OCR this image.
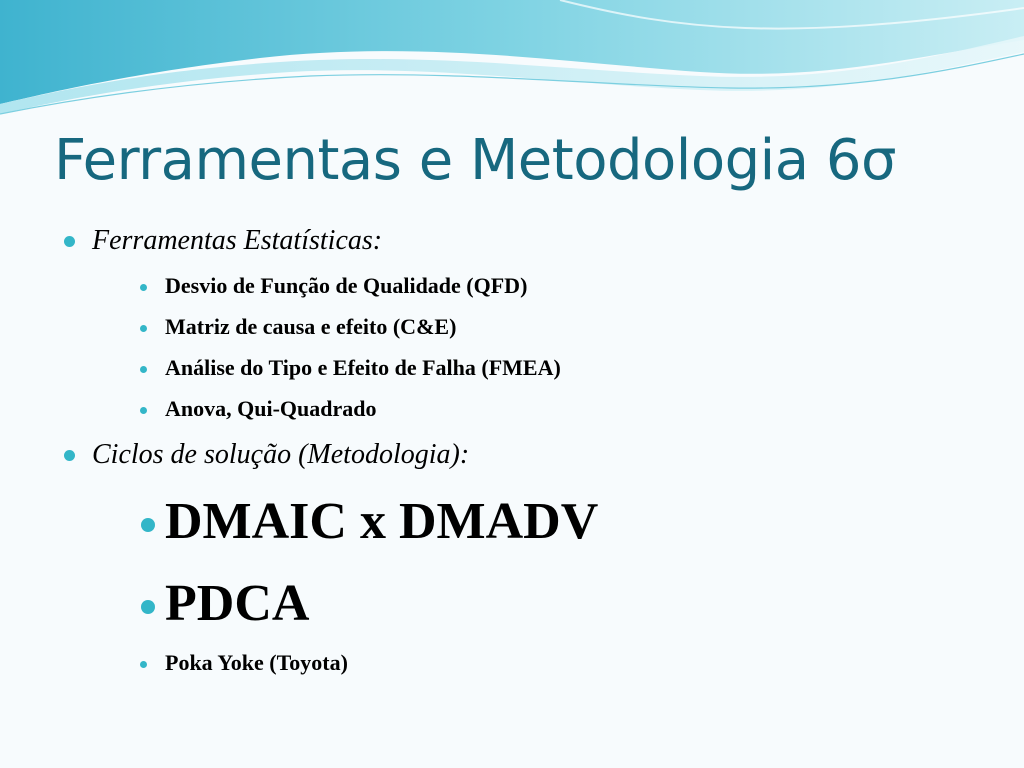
Ferramentas e Metodologia 6σ
Ferramentas Estatísticas:
Desvio de Função de Qualidade (QFD)
Matriz de causa e efeito (C&E)
Análise do Tipo e Efeito de Falha (FMEA)
Anova, Qui-Quadrado
Ciclos de solução (Metodologia):
DMAIC x DMADV
PDCA
Poka Yoke (Toyota)
